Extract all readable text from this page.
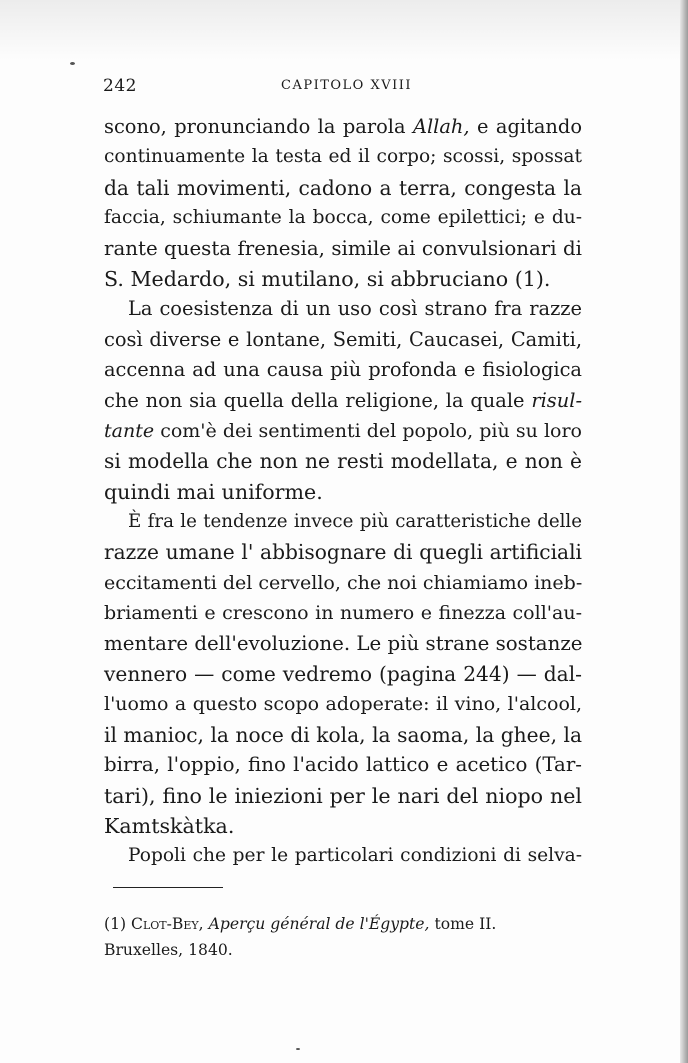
242	CAPITOLO XVIII
scono, pronunciando la parola Allah, e agitando
continuamente la testa ed il corpo; scossi, spossat
da tali movimenti, cadono a terra, congesta la
faccia, schiumante la bocca, come epilettici; e du-
rante questa frenesia, simile ai convulsionari di
S. Medardo, si mutilano, si abbruciano (1).
La coesistenza di un uso così strano fra razze
così diverse e lontane, Semiti, Caucasei, Camiti,
accenna ad una causa più profonda e fisiologica
che non sia quella della religione, la quale risul-
tante com'è dei sentimenti del popolo, più su loro
si modella che non ne resti modellata, e non è
quindi mai uniforme.
È fra le tendenze invece più caratteristiche delle
razze umane l' abbisognare di quegli artificiali
eccitamenti del cervello, che noi chiamiamo ineb-
briamenti e crescono in numero e finezza coll'au-
mentare dell'evoluzione. Le più strane sostanze
vennero — come vedremo (pagina 244) — dal-
l'uomo a questo scopo adoperate: il vino, l'alcool,
il manioc, la noce di kola, la saoma, la ghee, la
birra, l'oppio, fino l'acido lattico e acetico (Tar-
tari), fino le iniezioni per le nari del niopo nel
Kamtskàtka.
Popoli che per le particolari condizioni di selva-
(1) Clot-Bey, Aperçu général de l'Égypte, tome II.
Bruxelles, 1840.
